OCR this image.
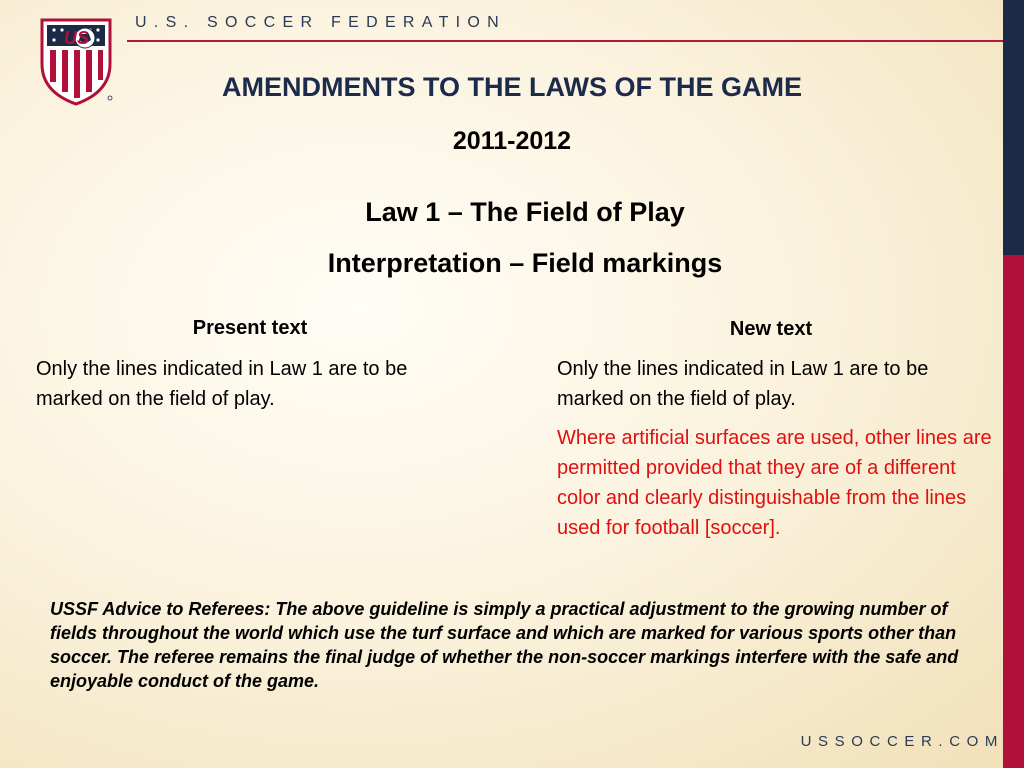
US
U.S. SOCCER FEDERATION
AMENDMENTS TO THE LAWS OF THE GAME
2011-2012
Law 1 – The Field of Play
Interpretation – Field markings
Present text
Only the lines indicated in Law 1 are to be marked on the field of play.
New text
Only the lines indicated in Law 1 are to be marked on the field of play.
Where artificial surfaces are used, other lines are permitted provided that they are of a different color and clearly distinguishable from the lines used for football [soccer].
USSF Advice to Referees: The above guideline is simply a practical adjustment to the growing number of fields throughout the world which use the turf surface and which are marked for various sports other than soccer. The referee remains the final judge of whether the non-soccer markings interfere with the safe and enjoyable conduct of the game.
USSOCCER.COM
